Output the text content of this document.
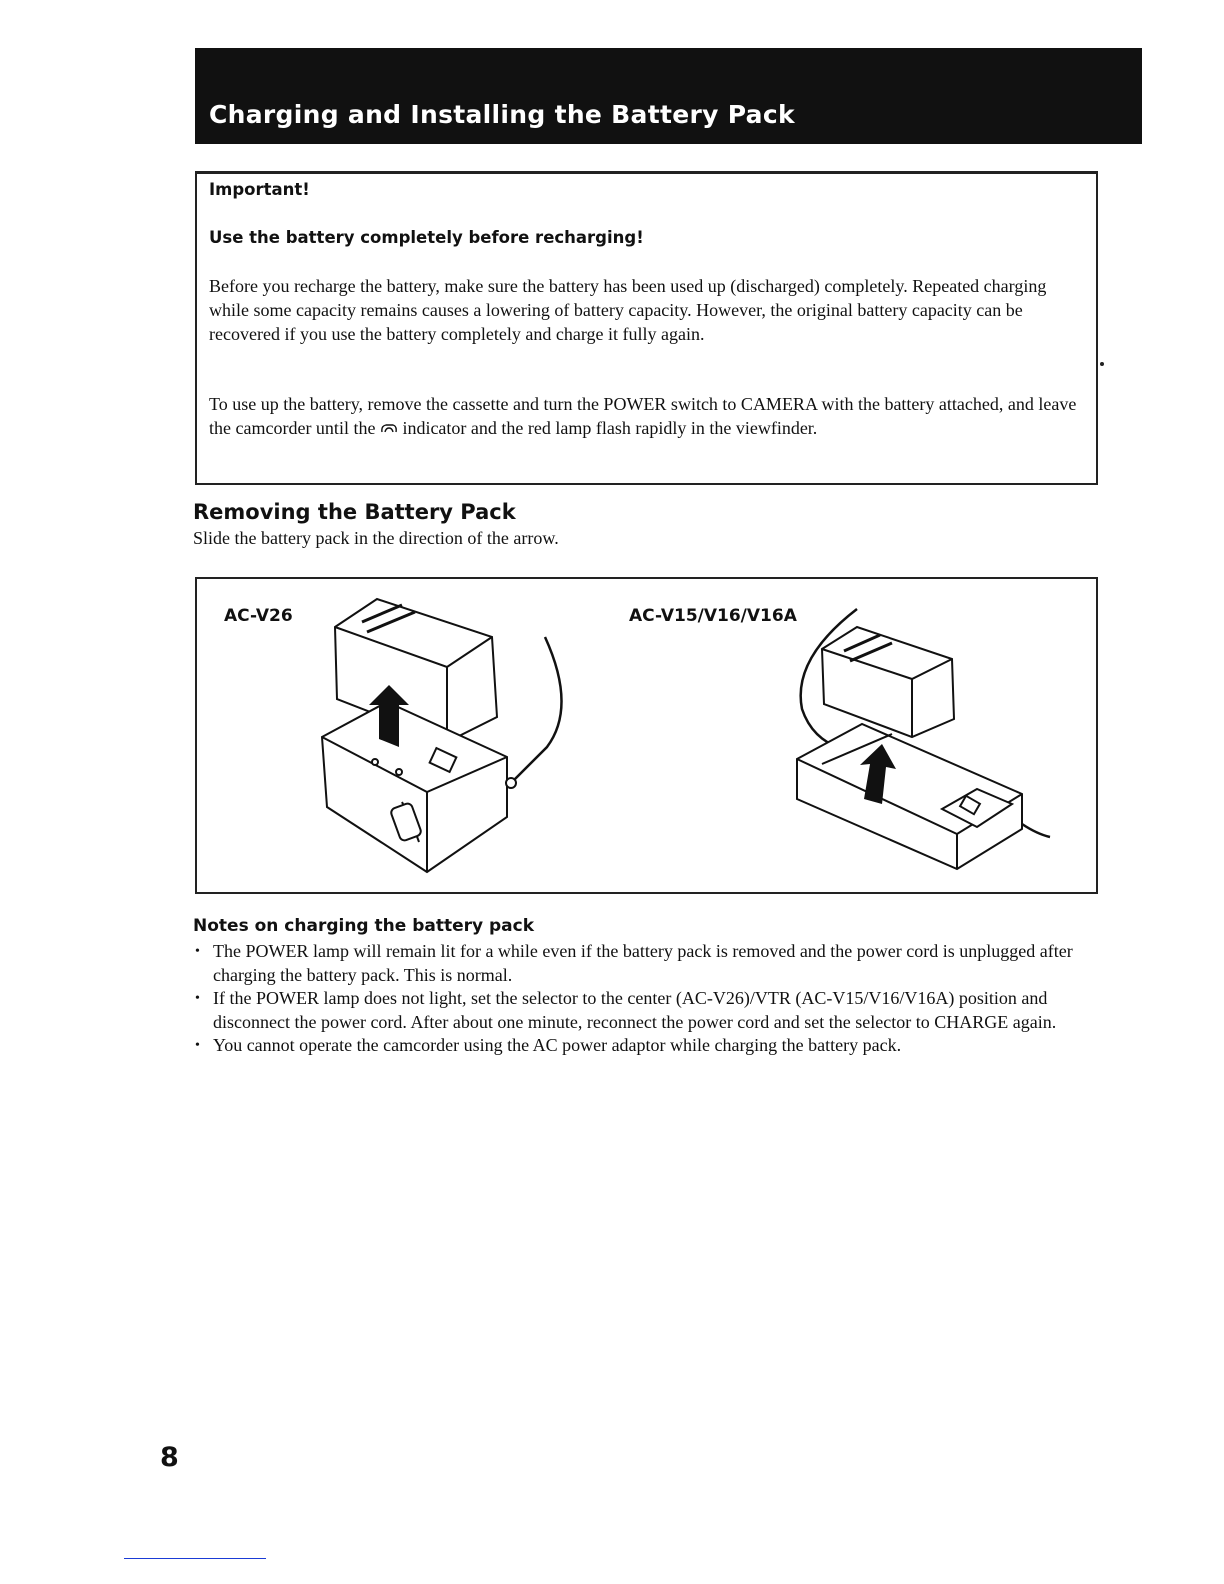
Charging and Installing the Battery Pack
Important!
Use the battery completely before recharging!

Before you recharge the battery, make sure the battery has been used up (discharged) completely. Repeated charging while some capacity remains causes a lowering of battery capacity. However, the original battery capacity can be recovered if you use the battery completely and charge it fully again.

To use up the battery, remove the cassette and turn the POWER switch to CAMERA with the battery attached, and leave the camcorder until the indicator and the red lamp flash rapidly in the viewfinder.

Removing the Battery Pack
Slide the battery pack in the direction of the arrow.
AC-V26	AC-V15/V16/V16A
Notes on charging the battery pack
• The POWER lamp will remain lit for a while even if the battery pack is removed and the power cord is unplugged after charging the battery pack. This is normal.
• If the POWER lamp does not light, set the selector to the center (AC-V26)/VTR (AC-V15/V16/V16A) position and disconnect the power cord. After about one minute, reconnect the power cord and set the selector to CHARGE again.
• You cannot operate the camcorder using the AC power adaptor while charging the battery pack.
8
